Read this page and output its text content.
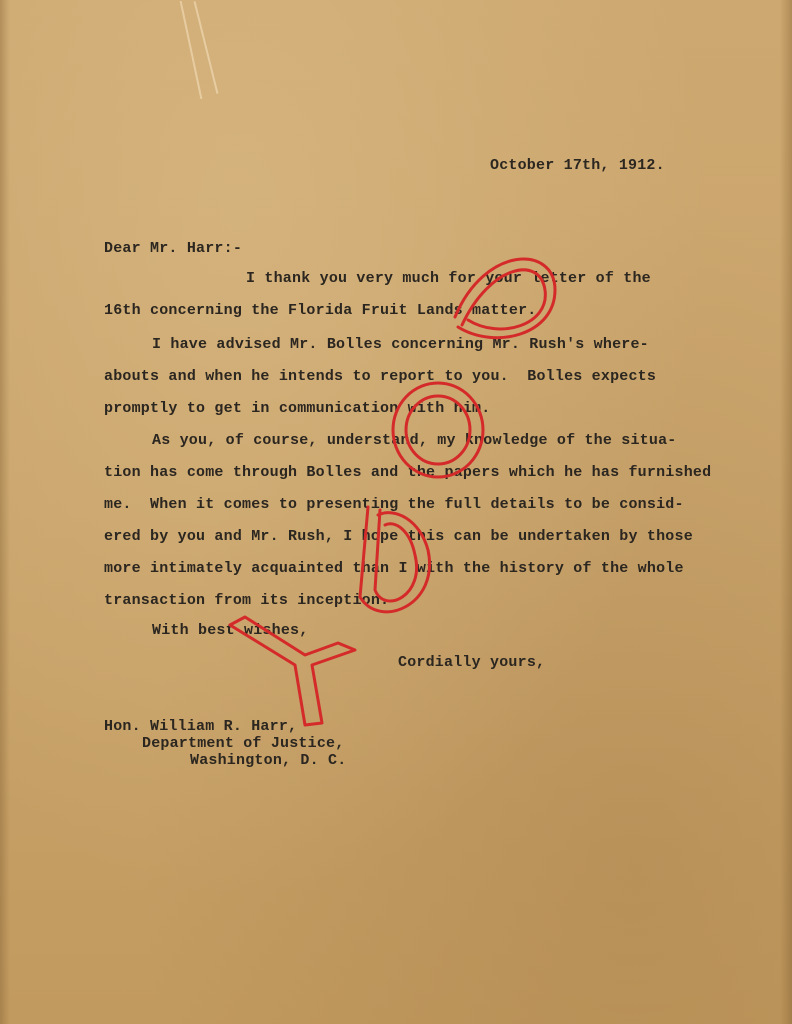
October 17th, 1912.
Dear Mr. Harr:-
I thank you very much for your letter of the
16th concerning the Florida Fruit Lands matter.
I have advised Mr. Bolles concerning Mr. Rush's where-
abouts and when he intends to report to you.  Bolles expects
promptly to get in communication with him.
As you, of course, understand, my knowledge of the situa-
tion has come through Bolles and the papers which he has furnished
me.  When it comes to presenting the full details to be consid-
ered by you and Mr. Rush, I hope this can be undertaken by those
more intimately acquainted than I with the history of the whole
transaction from its inception.
With best wishes,
Cordially yours,
Hon. William R. Harr,
Department of Justice,
Washington, D. C.
